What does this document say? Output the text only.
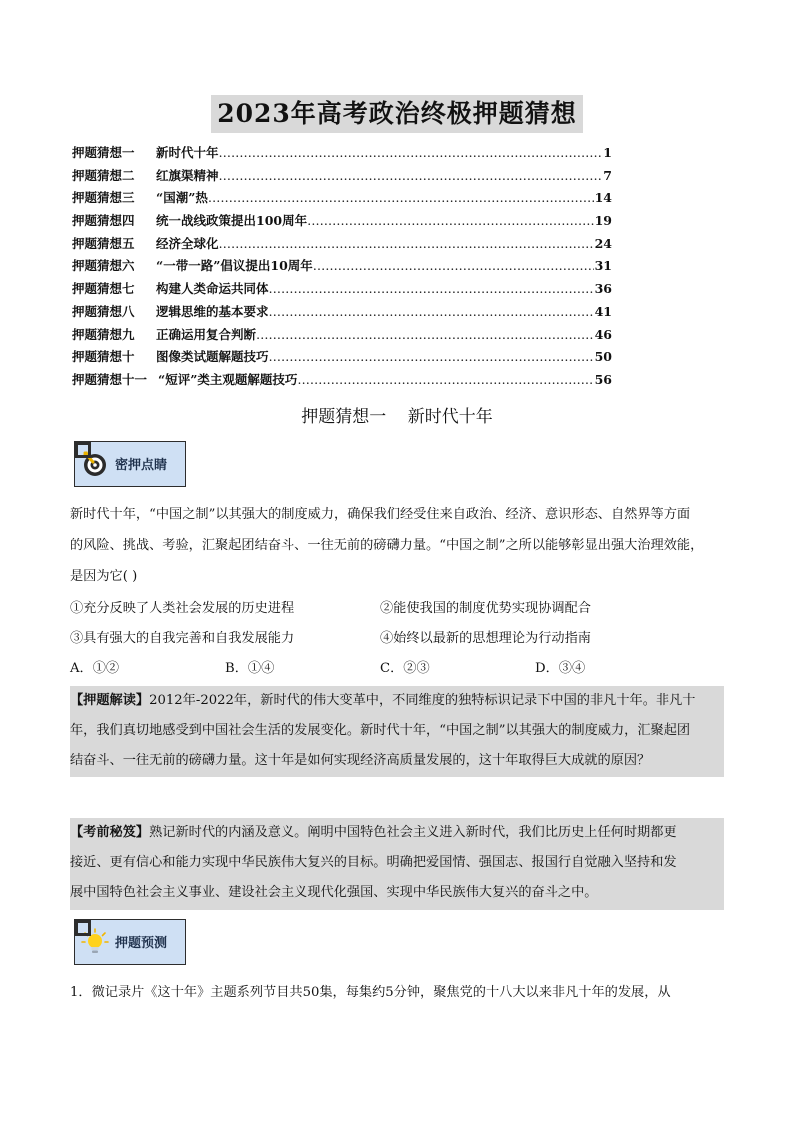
2023年高考政治终极押题猜想
押题猜想一	新时代十年 …………………………………………………………………………………………………………………………………………………………	1
押题猜想二	红旗渠精神 …………………………………………………………………………………………………………………………………………………………	7
押题猜想三	“国潮”热 …………………………………………………………………………………………………………………………………………………………	14
押题猜想四	统一战线政策提出100周年 …………………………………………………………………………………………………………………………………………………………	19
押题猜想五	经济全球化 …………………………………………………………………………………………………………………………………………………………	24
押题猜想六	“一带一路”倡议提出10周年 …………………………………………………………………………………………………………………………………………………………	31
押题猜想七	构建人类命运共同体 …………………………………………………………………………………………………………………………………………………………	36
押题猜想八	逻辑思维的基本要求 …………………………………………………………………………………………………………………………………………………………	41
押题猜想九	正确运用复合判断 …………………………………………………………………………………………………………………………………………………………	46
押题猜想十	图像类试题解题技巧 …………………………………………………………………………………………………………………………………………………………	50
押题猜想十一 “短评”类主观题解题技巧 …………………………………………………………………………………………………………………………………………………………	56
押题猜想一 新时代十年
密押点睛
新时代十年，“中国之制”以其强大的制度威力，确保我们经受住来自政治、经济、意识形态、自然界等方面
的风险、挑战、考验，汇聚起团结奋斗、一往无前的磅礴力量。“中国之制”之所以能够彰显出强大治理效能，
是因为它( )
①充分反映了人类社会发展的历史进程	②能使我国的制度优势实现协调配合
③具有强大的自我完善和自我发展能力	④始终以最新的思想理论为行动指南
A．①②	B．①④	C．②③	D．③④
【押题解读】2012年-2022年，新时代的伟大变革中，不同维度的独特标识记录下中国的非凡十年。非凡十
年，我们真切地感受到中国社会生活的发展变化。新时代十年，“中国之制”以其强大的制度威力，汇聚起团
结奋斗、一往无前的磅礴力量。这十年是如何实现经济高质量发展的，这十年取得巨大成就的原因？
【考前秘笈】熟记新时代的内涵及意义。阐明中国特色社会主义进入新时代，我们比历史上任何时期都更
接近、更有信心和能力实现中华民族伟大复兴的目标。明确把爱国情、强国志、报国行自觉融入坚持和发
展中国特色社会主义事业、建设社会主义现代化强国、实现中华民族伟大复兴的奋斗之中。
押题预测
1．微记录片《这十年》主题系列节目共50集，每集约5分钟，聚焦党的十八大以来非凡十年的发展，从
